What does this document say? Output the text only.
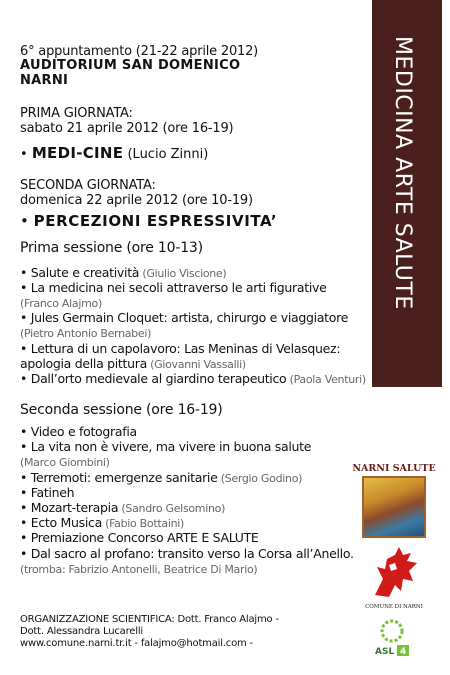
6° appuntamento (21-22 aprile 2012)
AUDITORIUM SAN DOMENICO
NARNI
PRIMA GIORNATA:
sabato 21 aprile 2012 (ore 16-19)
• MEDI-CINE (Lucio Zinni)
SECONDA GIORNATA:
domenica 22 aprile 2012 (ore 10-19)
• PERCEZIONI ESPRESSIVITA’
Prima sessione (ore 10-13)
• Salute e creatività (Giulio Viscione)
• La medicina nei secoli attraverso le arti figurative
(Franco Alajmo)
• Jules Germain Cloquet: artista, chirurgo e viaggiatore
(Pietro Antonio Bernabei)
• Lettura di un capolavoro: Las Meninas di Velasquez:
apologia della pittura (Giovanni Vassalli)
• Dall’orto medievale al giardino terapeutico (Paola Venturi)
Seconda sessione (ore 16-19)
• Video e fotografia
• La vita non è vivere, ma vivere in buona salute
(Marco Giombini)
• Terremoti: emergenze sanitarie (Sergio Godino)
• Fatineh
• Mozart-terapia (Sandro Gelsomino)
• Ecto Musica (Fabio Bottaini)
• Premiazione Concorso ARTE E SALUTE
• Dal sacro al profano: transito verso la Corsa all’Anello.
(tromba: Fabrizio Antonelli, Beatrice Di Mario)
ORGANIZZAZIONE SCIENTIFICA: Dott. Franco Alajmo -
Dott. Alessandra Lucarelli
www.comune.narni.tr.it - falajmo@hotmail.com -
MEDICINA ARTE SALUTE
NARNI SALUTE
COMUNE DI NARNI
ASL 4
